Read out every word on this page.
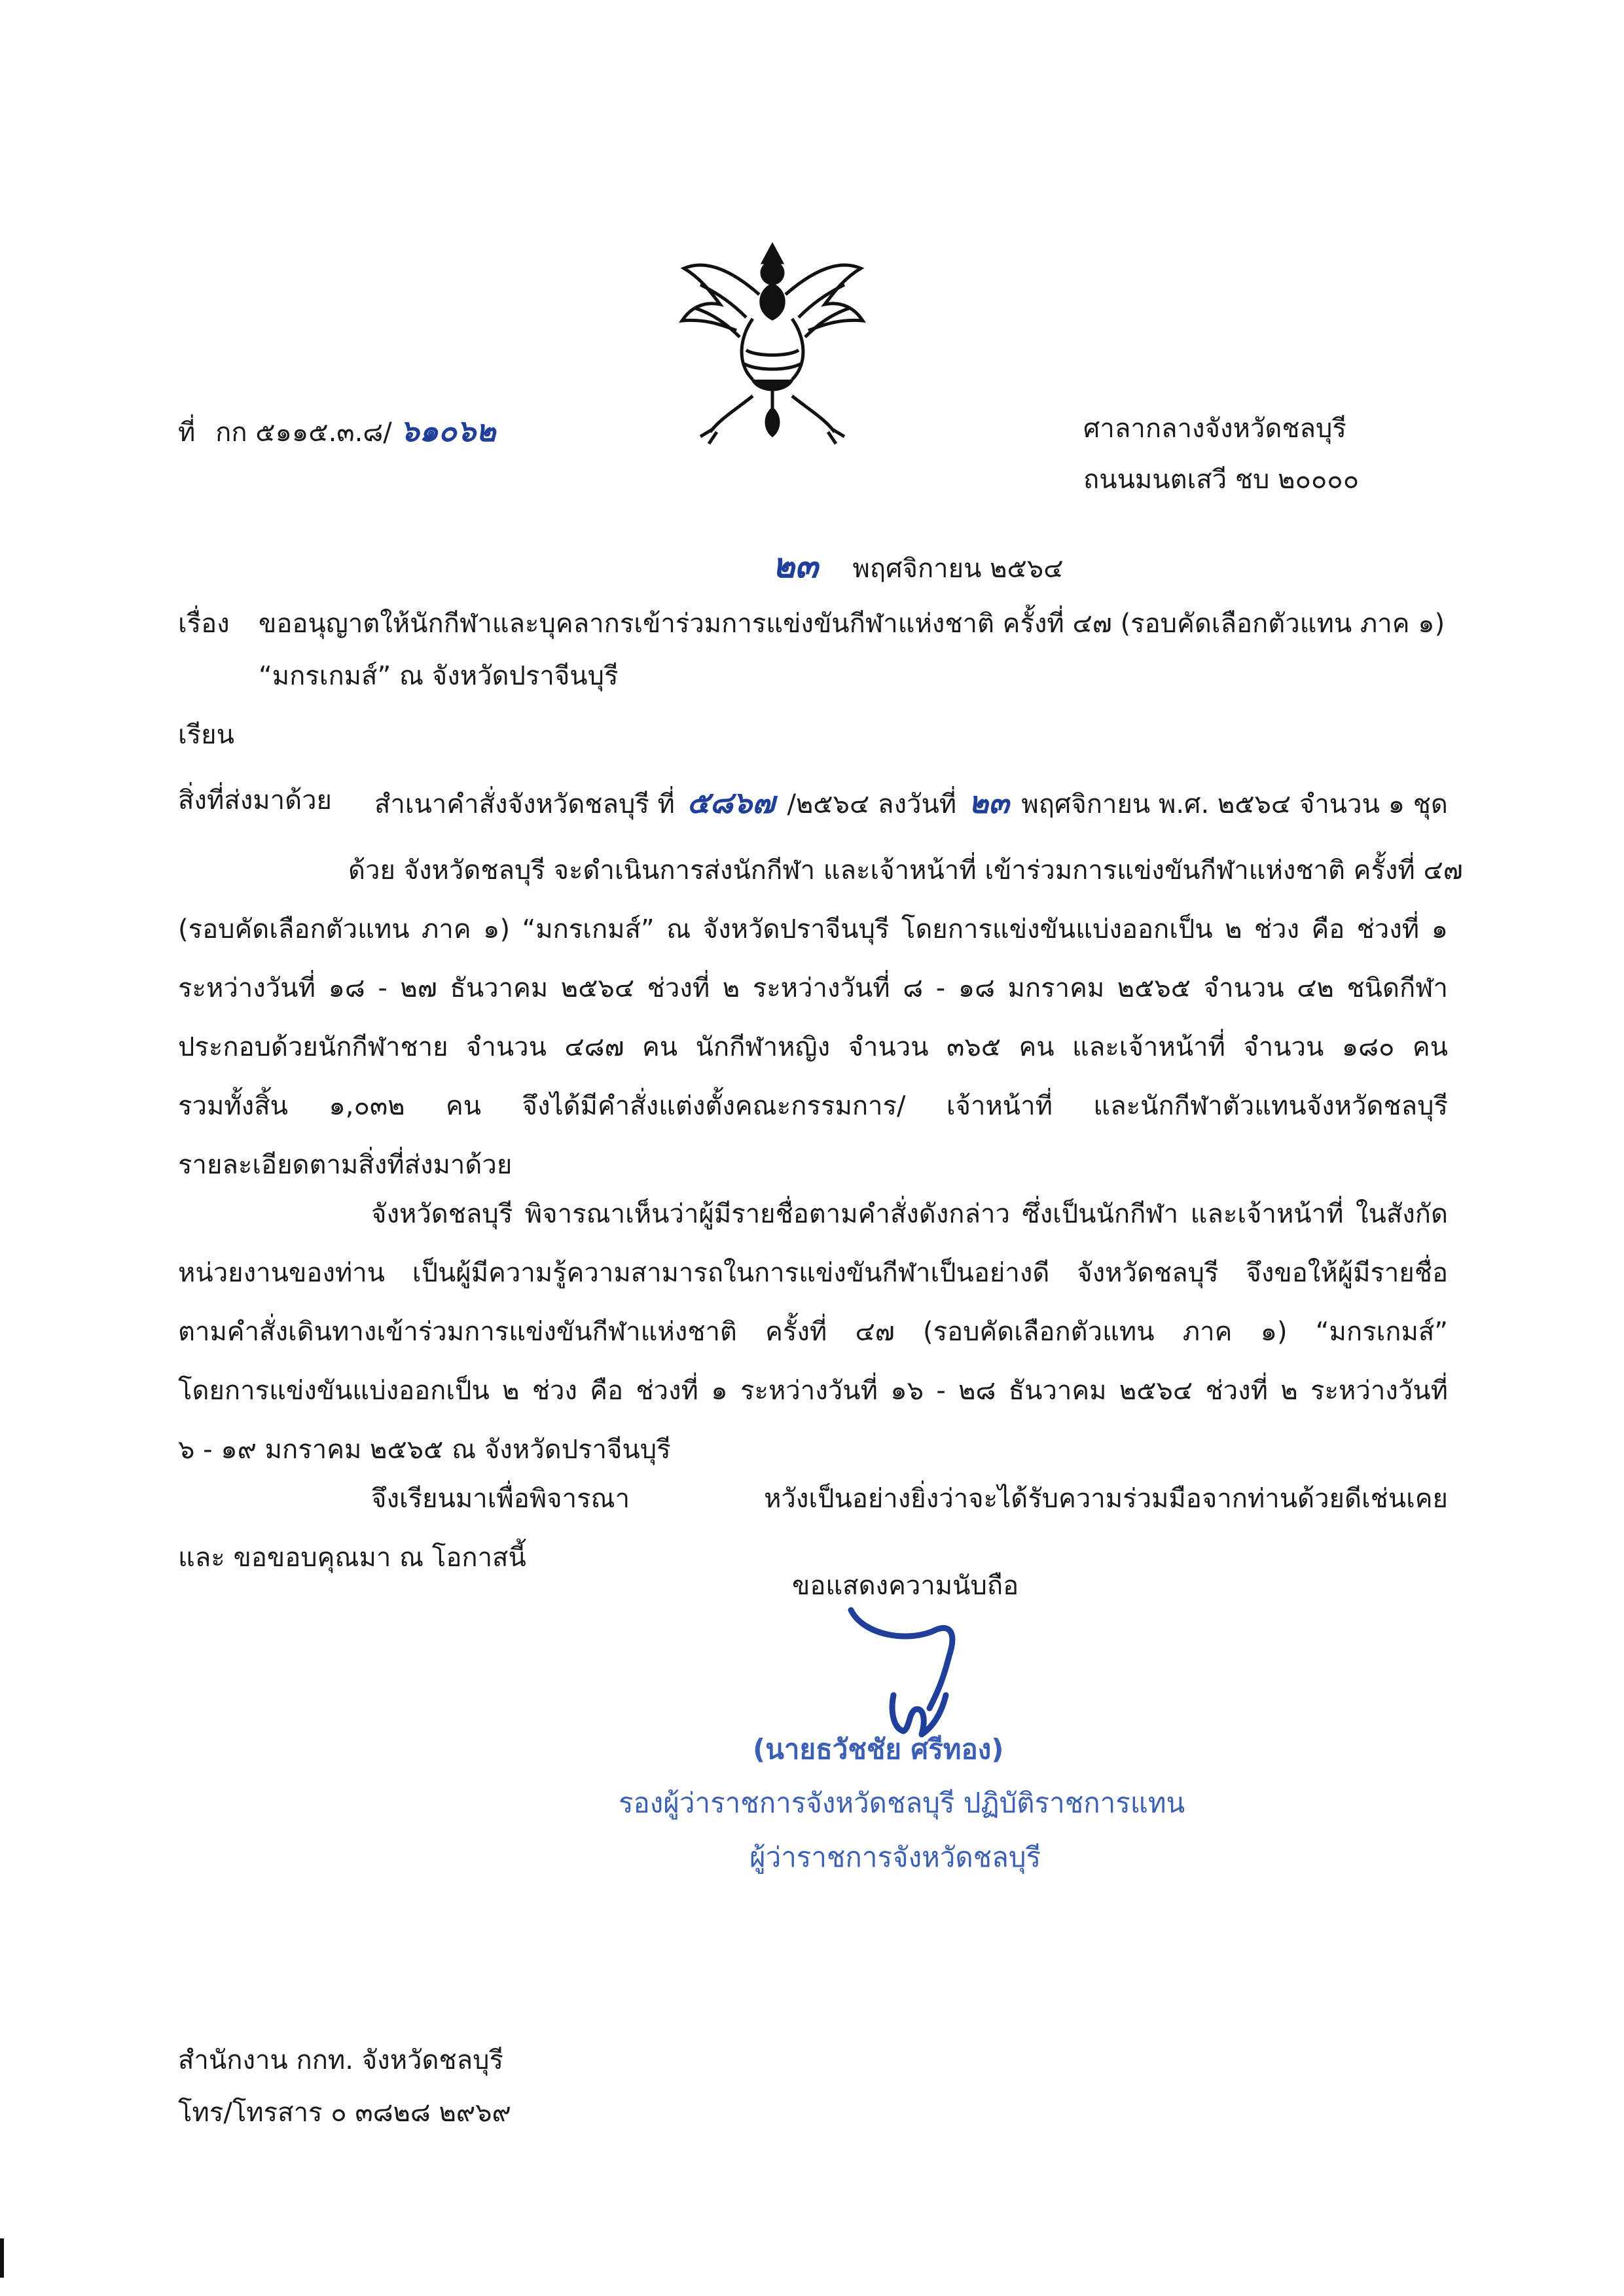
ที่ กก ๕๑๑๕.๓.๘/ ๖๑๐๖๒	ศาลากลางจังหวัดชลบุรี
ถนนมนตเสวี ชบ ๒๐๐๐๐
๒๓ พฤศจิกายน ๒๕๖๔
เรื่อง ขออนุญาตให้นักกีฬาและบุคลากรเข้าร่วมการแข่งขันกีฬาแห่งชาติ ครั้งที่ ๔๗ (รอบคัดเลือกตัวแทน ภาค ๑)
“มกรเกมส์” ณ จังหวัดปราจีนบุรี
เรียน
สิ่งที่ส่งมาด้วย สำเนาคำสั่งจังหวัดชลบุรี ที่ ๕๘๖๗ /๒๕๖๔ ลงวันที่ ๒๓ พฤศจิกายน พ.ศ. ๒๕๖๔ จำนวน ๑ ชุด
ด้วย จังหวัดชลบุรี จะดำเนินการส่งนักกีฬา และเจ้าหน้าที่ เข้าร่วมการแข่งขันกีฬาแห่งชาติ ครั้งที่ ๔๗
(รอบคัดเลือกตัวแทน ภาค ๑) “มกรเกมส์” ณ จังหวัดปราจีนบุรี โดยการแข่งขันแบ่งออกเป็น ๒ ช่วง คือ ช่วงที่ ๑
ระหว่างวันที่ ๑๘ - ๒๗ ธันวาคม ๒๕๖๔ ช่วงที่ ๒ ระหว่างวันที่ ๘ - ๑๘ มกราคม ๒๕๖๕ จำนวน ๔๒ ชนิดกีฬา
ประกอบด้วยนักกีฬาชาย จำนวน ๔๘๗ คน นักกีฬาหญิง จำนวน ๓๖๕ คน และเจ้าหน้าที่ จำนวน ๑๘๐ คน
รวมทั้งสิ้น ๑,๐๓๒ คน จึงได้มีคำสั่งแต่งตั้งคณะกรรมการ/ เจ้าหน้าที่ และนักกีฬาตัวแทนจังหวัดชลบุรี
รายละเอียดตามสิ่งที่ส่งมาด้วย
จังหวัดชลบุรี พิจารณาเห็นว่าผู้มีรายชื่อตามคำสั่งดังกล่าว ซึ่งเป็นนักกีฬา และเจ้าหน้าที่ ในสังกัด
หน่วยงานของท่าน เป็นผู้มีความรู้ความสามารถในการแข่งขันกีฬาเป็นอย่างดี จังหวัดชลบุรี จึงขอให้ผู้มีรายชื่อ
ตามคำสั่งเดินทางเข้าร่วมการแข่งขันกีฬาแห่งชาติ ครั้งที่ ๔๗ (รอบคัดเลือกตัวแทน ภาค ๑) “มกรเกมส์”
โดยการแข่งขันแบ่งออกเป็น ๒ ช่วง คือ ช่วงที่ ๑ ระหว่างวันที่ ๑๖ - ๒๘ ธันวาคม ๒๕๖๔ ช่วงที่ ๒ ระหว่างวันที่
๖ - ๑๙ มกราคม ๒๕๖๕ ณ จังหวัดปราจีนบุรี
จึงเรียนมาเพื่อพิจารณา หวังเป็นอย่างยิ่งว่าจะได้รับความร่วมมือจากท่านด้วยดีเช่นเคย
และ ขอขอบคุณมา ณ โอกาสนี้
ขอแสดงความนับถือ
(นายธวัชชัย ศรีทอง)
รองผู้ว่าราชการจังหวัดชลบุรี ปฏิบัติราชการแทน
ผู้ว่าราชการจังหวัดชลบุรี
สำนักงาน กกท. จังหวัดชลบุรี
โทร/โทรสาร ๐ ๓๘๒๘ ๒๙๖๙
